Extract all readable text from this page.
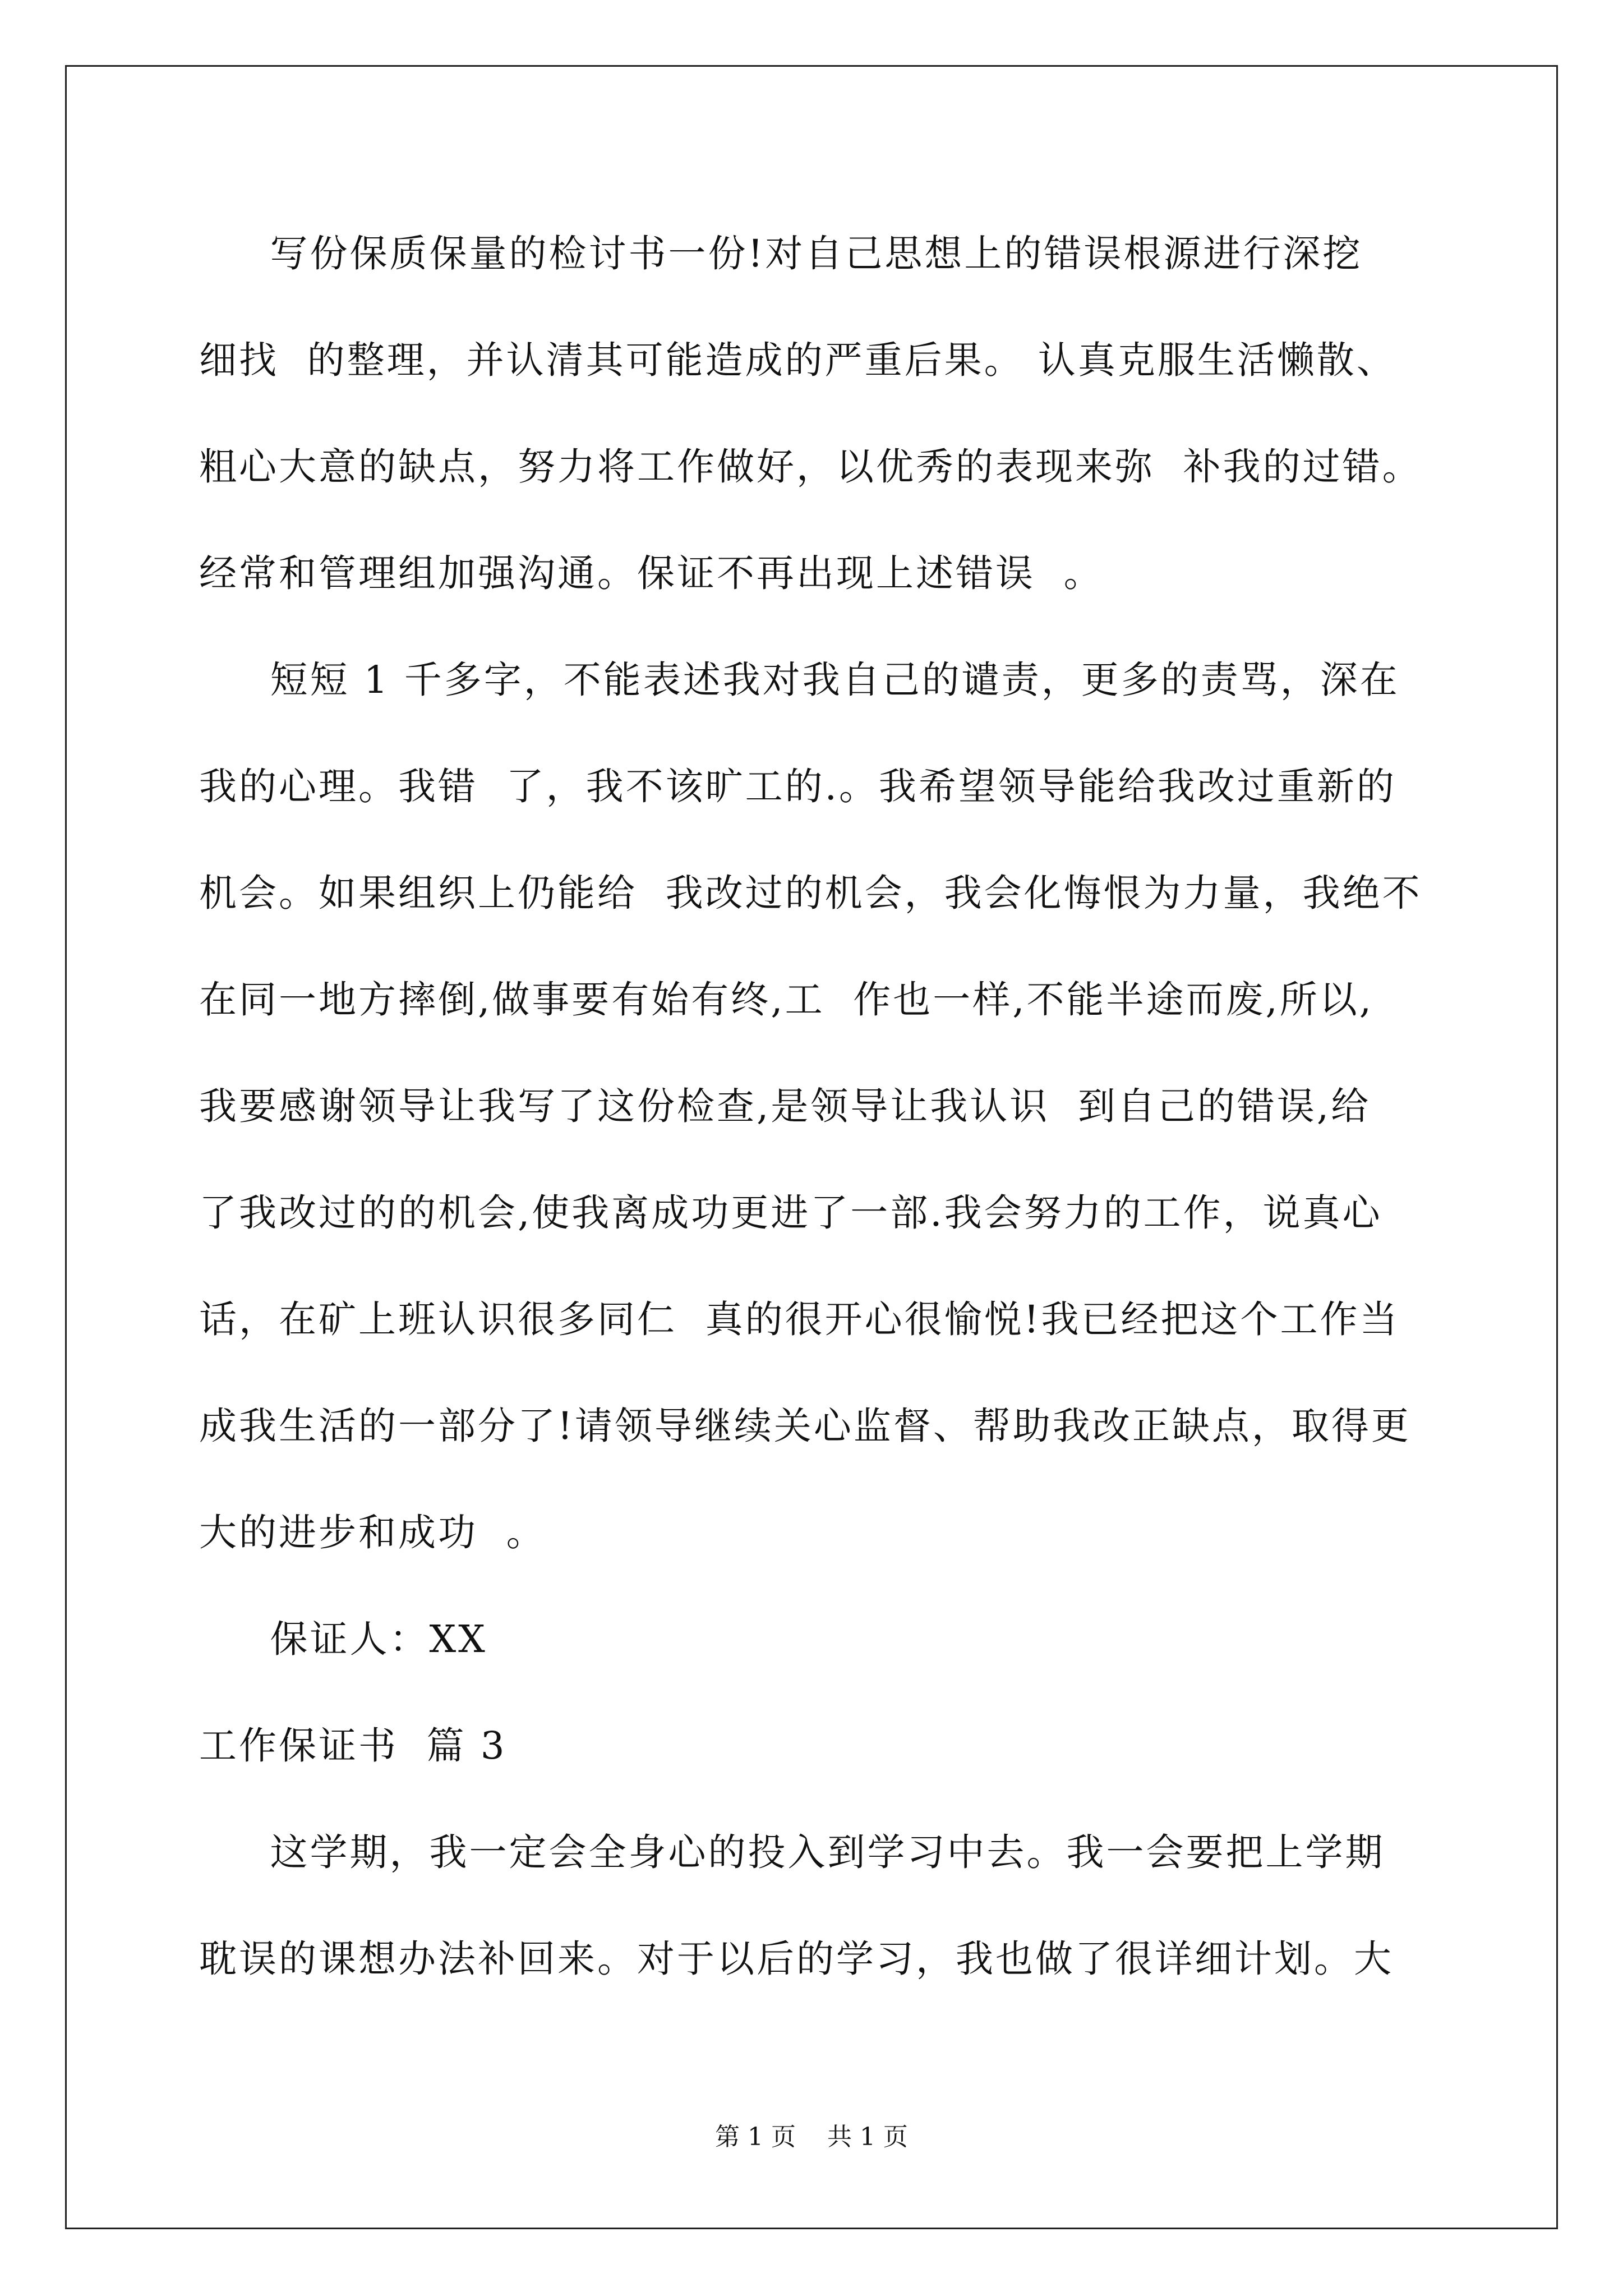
写份保质保量的检讨书一份!对自己思想上的错误根源进行深挖
细找  的整理，并认清其可能造成的严重后果。 认真克服生活懒散、
粗心大意的缺点，努力将工作做好，以优秀的表现来弥  补我的过错。
经常和管理组加强沟通。保证不再出现上述错误  。
短短 1 千多字，不能表述我对我自己的谴责，更多的责骂，深在
我的心理。我错  了，我不该旷工的.。我希望领导能给我改过重新的
机会。如果组织上仍能给  我改过的机会，我会化悔恨为力量，我绝不
在同一地方摔倒,做事要有始有终,工  作也一样,不能半途而废,所以,
我要感谢领导让我写了这份检查,是领导让我认识  到自己的错误,给
了我改过的的机会,使我离成功更进了一部.我会努力的工作，说真心
话，在矿上班认识很多同仁  真的很开心很愉悦!我已经把这个工作当
成我生活的一部分了!请领导继续关心监督、帮助我改正缺点，取得更
大的进步和成功  。
保证人：XX
工作保证书  篇 3
这学期，我一定会全身心的投入到学习中去。我一会要把上学期
耽误的课想办法补回来。对于以后的学习，我也做了很详细计划。大
第 1 页    共 1 页
